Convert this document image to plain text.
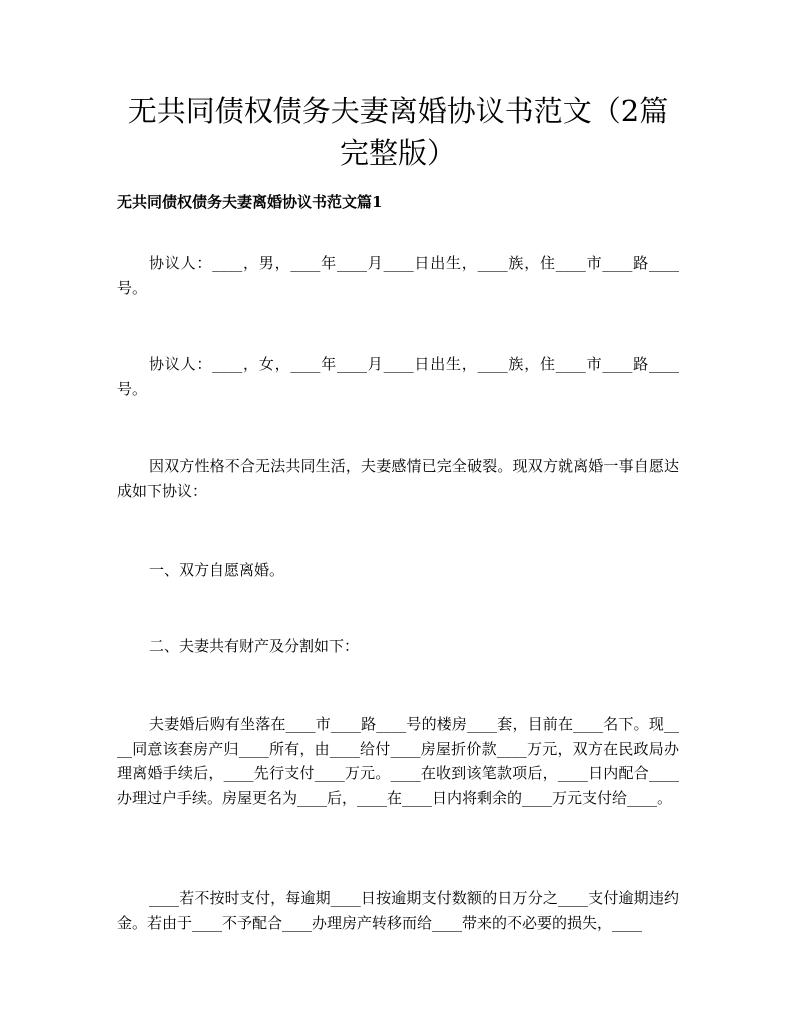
无共同债权债务夫妻离婚协议书范文（2篇
完整版）

无共同债权债务夫妻离婚协议书范文篇1

协议人：____，男，____年____月____日出生，____族，住____市____路____号。

协议人：____，女，____年____月____日出生，____族，住____市____路____号。

因双方性格不合无法共同生活，夫妻感情已完全破裂。现双方就离婚一事自愿达成如下协议：

一、双方自愿离婚。

二、夫妻共有财产及分割如下：

夫妻婚后购有坐落在____市____路____号的楼房____套，目前在____名下。现____同意该套房产归____所有，由____给付____房屋折价款____万元，双方在民政局办理离婚手续后，____先行支付____万元。____在收到该笔款项后，____日内配合____办理过户手续。房屋更名为____后，____在____日内将剩余的____万元支付给____。

____若不按时支付，每逾期____日按逾期支付数额的日万分之____支付逾期违约金。若由于____不予配合____办理房产转移而给____带来的不必要的损失，____
